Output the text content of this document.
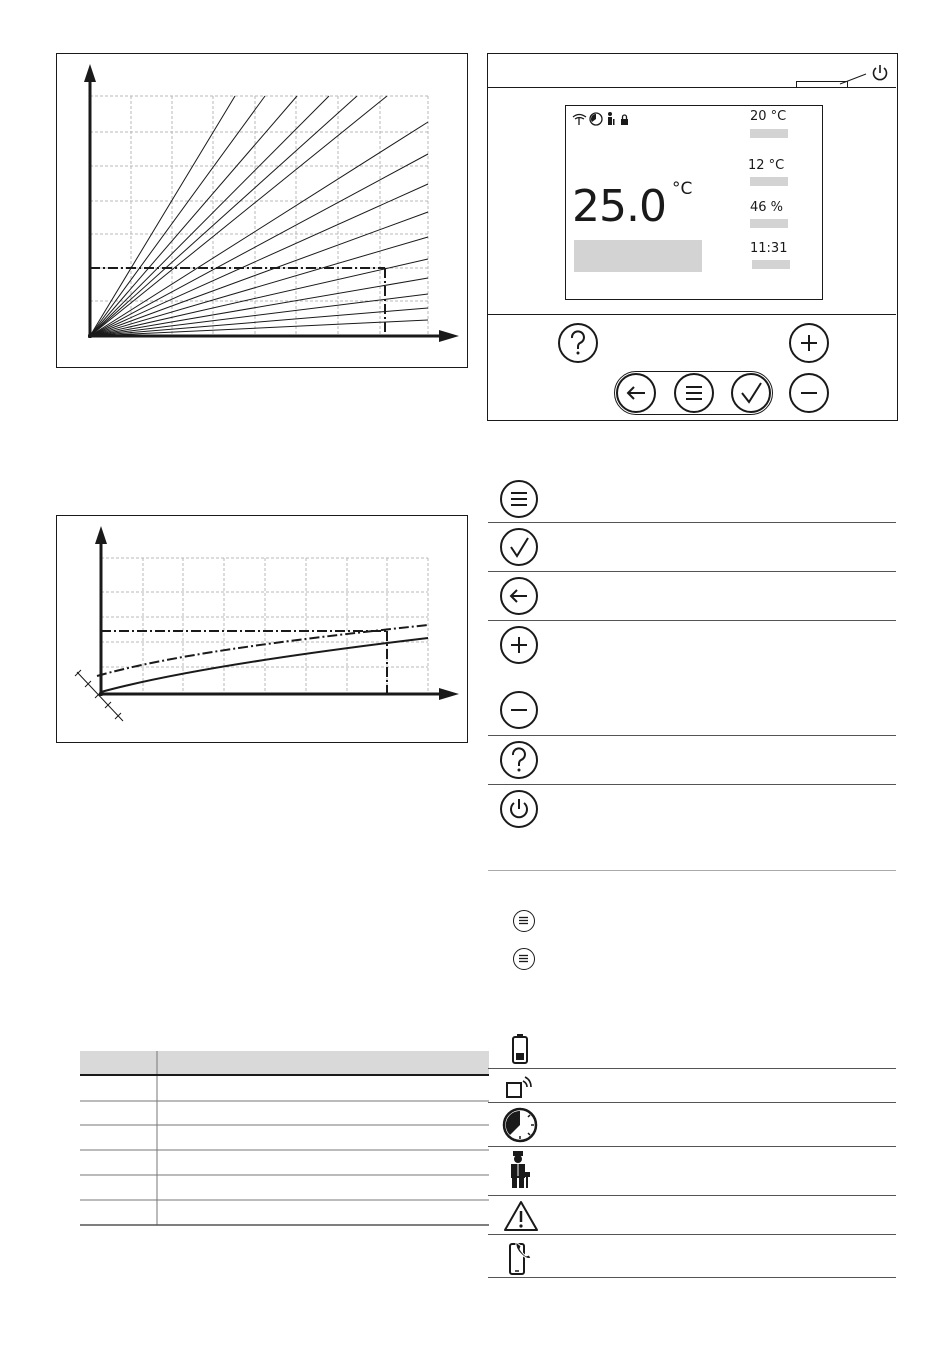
25.0 °C
20 °C
12 °C
46 %
11:31
